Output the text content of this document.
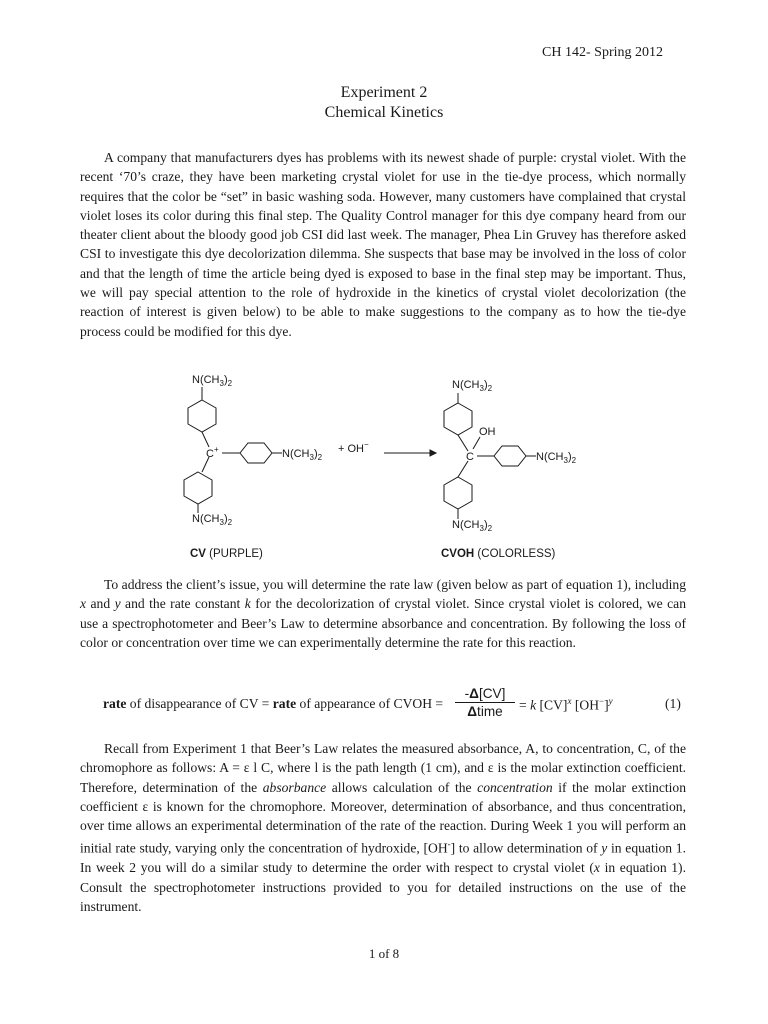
CH 142- Spring 2012
Experiment 2
Chemical Kinetics

A company that manufacturers dyes has problems with its newest shade of purple: crystal violet. With the recent ‘70’s craze, they have been marketing crystal violet for use in the tie-dye process, which normally requires that the color be “set” in basic washing soda. However, many customers have complained that crystal violet loses its color during this final step. The Quality Control manager for this dye company heard from our theater client about the bloody good job CSI did last week. The manager, Phea Lin Gruvey has therefore asked CSI to investigate this dye decolorization dilemma. She suspects that base may be involved in the loss of color and that the length of time the article being dyed is exposed to base in the final step may be important. Thus, we will pay special attention to the role of hydroxide in the kinetics of crystal violet decolorization (the reaction of interest is given below) to be able to make suggestions to the company as to how the tie-dye process could be modified for this dye.

$N(CH_3)_2$
C+	$N(CH_3)_2$
+ OH−
$N(CH_3)_2$
$N(CH_3)_2$
OH
C	$N(CH_3)_2$
$N(CH_3)_2$
CV (PURPLE)	CVOH (COLORLESS)

To address the client’s issue, you will determine the rate law (given below as part of equation 1), including x and y and the rate constant k for the decolorization of crystal violet. Since crystal violet is colored, we can use a spectrophotometer and Beer’s Law to determine absorbance and concentration. By following the loss of color or concentration over time we can experimentally determine the rate for this reaction.

rate of disappearance of CV = rate of appearance of CVOH =
-Δ[CV]
Δtime	= k [CV]$^x$ $[OH^-]^y$	(1)

Recall from Experiment 1 that Beer’s Law relates the measured absorbance, A, to concentration, C, of the chromophore as follows: A = ε l C, where l is the path length (1 cm), and ε is the molar extinction coefficient. Therefore, determination of the absorbance allows calculation of the concentration if the molar extinction coefficient ε is known for the chromophore. Moreover, determination of absorbance, and thus concentration, over time allows an experimental determination of the rate of the reaction. During Week 1 you will perform an initial rate study, varying only the concentration of hydroxide, [OH-] to allow determination of y in equation 1. In week 2 you will do a similar study to determine the order with respect to crystal violet (x in equation 1). Consult the spectrophotometer instructions provided to you for detailed instructions on the use of the instrument.

1 of 8
